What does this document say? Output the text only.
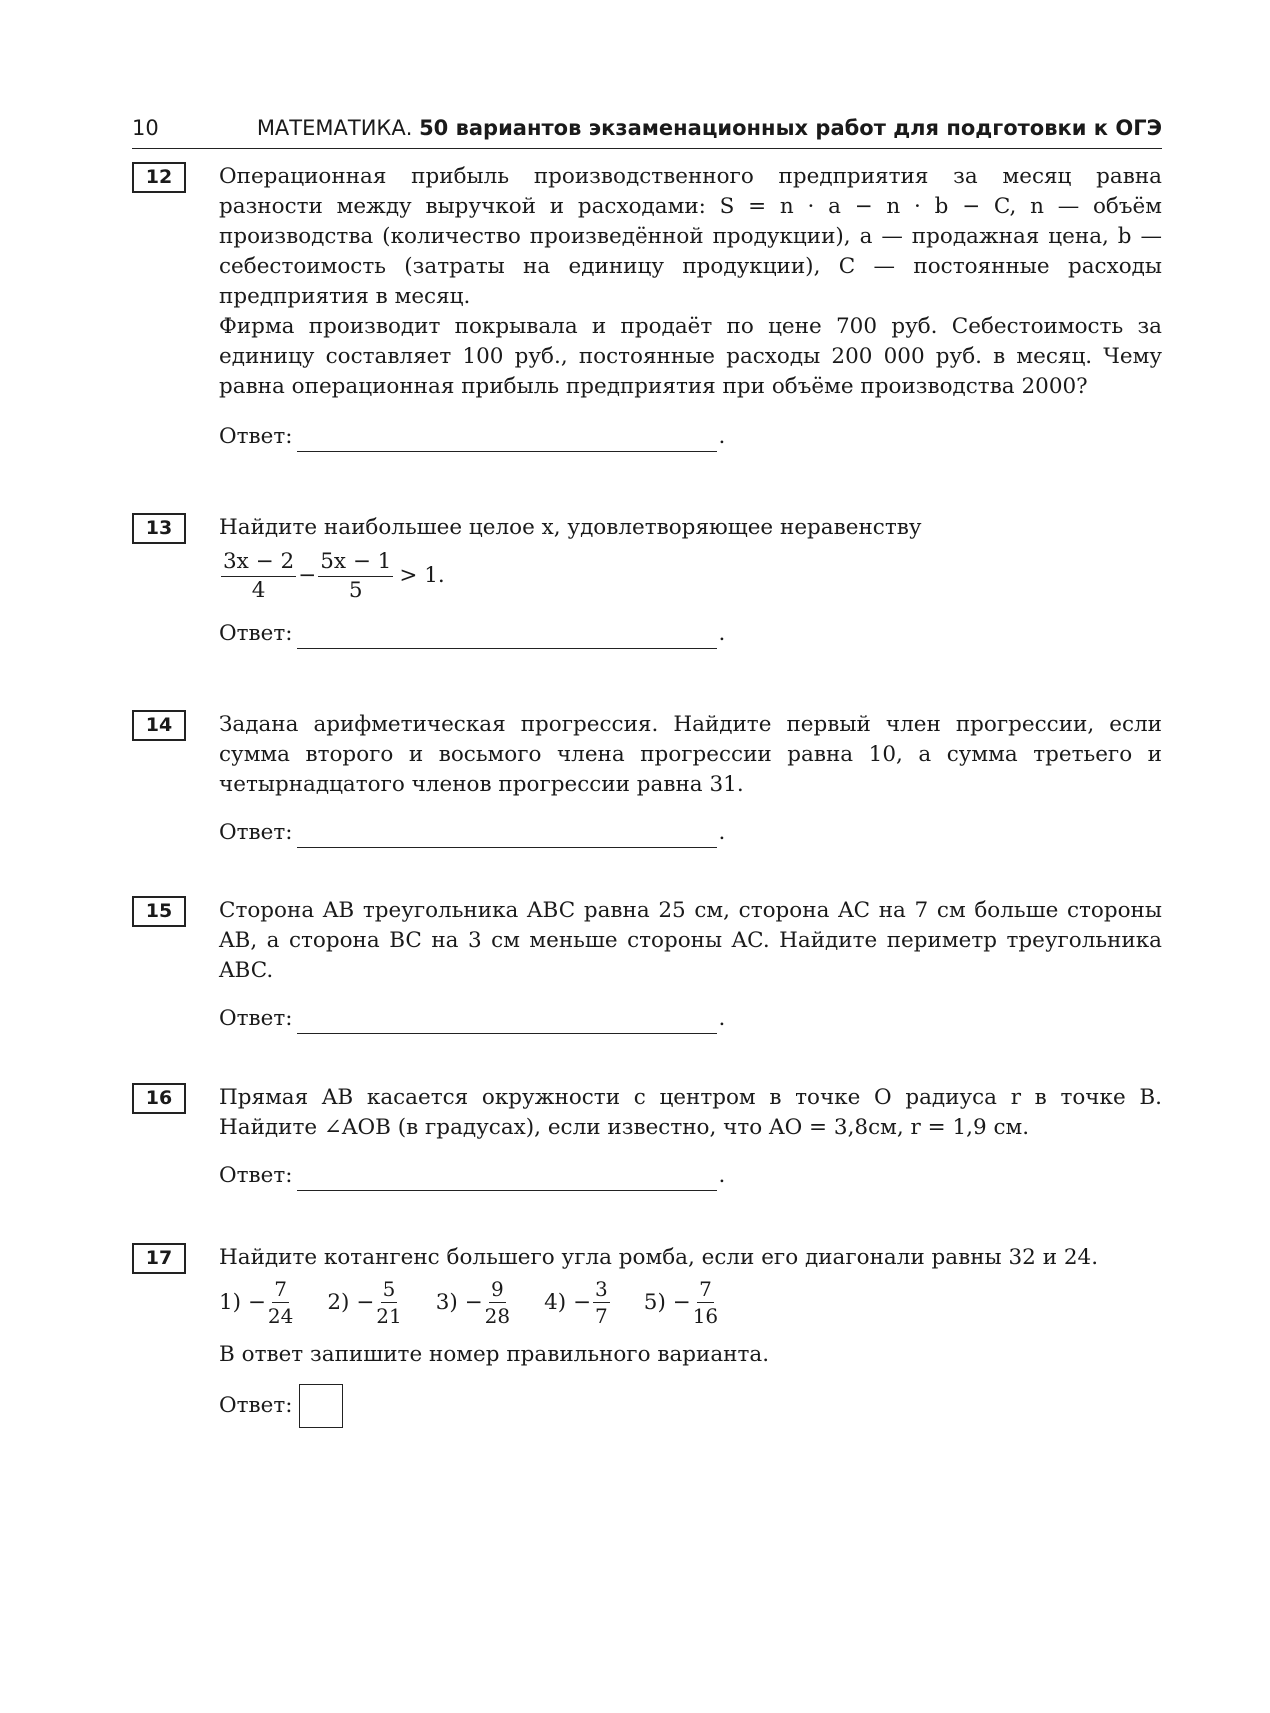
10	МАТЕМАТИКА. 50 вариантов экзаменационных работ для подготовки к ОГЭ
12	Операционная прибыль производственного предприятия за месяц равна разности между выручкой и расходами: S = n · a − n · b − C, n — объём производства (количество произведённой продукции), a — продажная цена, b — себестоимость (затраты на единицу продукции), C — постоянные расходы предприятия в месяц.

Фирма производит покрывала и продаёт по цене 700 руб. Себестоимость за единицу составляет 100 руб., постоянные расходы 200 000 руб. в месяц. Чему равна операционная прибыль предприятия при объёме производства 2000?

Ответ:	.
13	Найдите наибольшее целое x, удовлетворяющее неравенству

$\frac{3x - 2}{4} - \frac{5x - 1}{5} > 1$.
Ответ:	.
14	Задана арифметическая прогрессия. Найдите первый член прогрессии, если сумма второго и восьмого члена прогрессии равна 10, а сумма третьего и четырнадцатого членов прогрессии равна 31.

Ответ:	.
15	Сторона AB треугольника ABC равна 25 см, сторона AC на 7 см больше стороны AB, а сторона BC на 3 см меньше стороны AC. Найдите периметр треугольника ABC.

Ответ:	.
16	Прямая AB касается окружности с центром в точке O радиуса r в точке B. Найдите ∠AOB (в градусах), если известно, что AO = 3,8см, r = 1,9 см.

Ответ:	.
17	Найдите котангенс большего угла ромба, если его диагонали равны 32 и 24.

$1) - \frac{7}{24} 2) - \frac{5}{21} 3) - \frac{9}{28} 4) - \frac{3}{7} 5) - \frac{7}{16}$

В ответ запишите номер правильного варианта.

Ответ:
